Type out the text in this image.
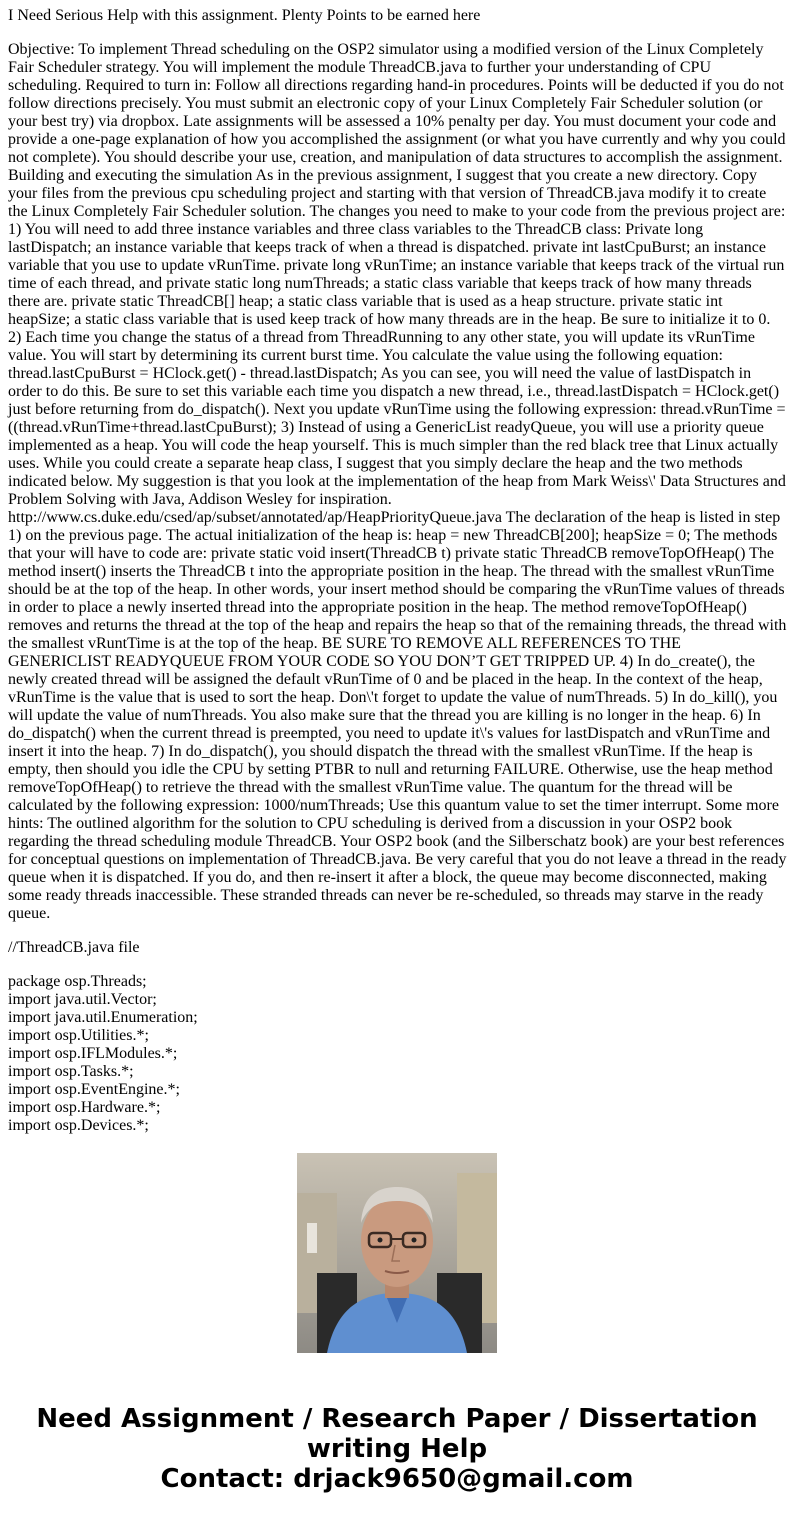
I Need Serious Help with this assignment. Plenty Points to be earned here

Objective: To implement Thread scheduling on the OSP2 simulator using a modified version of the Linux Completely Fair Scheduler strategy. You will implement the module ThreadCB.java to further your understanding of CPU scheduling. Required to turn in: Follow all directions regarding hand-in procedures. Points will be deducted if you do not follow directions precisely. You must submit an electronic copy of your Linux Completely Fair Scheduler solution (or your best try) via dropbox. Late assignments will be assessed a 10% penalty per day. You must document your code and provide a one-page explanation of how you accomplished the assignment (or what you have currently and why you could not complete). You should describe your use, creation, and manipulation of data structures to accomplish the assignment. Building and executing the simulation As in the previous assignment, I suggest that you create a new directory. Copy your files from the previous cpu scheduling project and starting with that version of ThreadCB.java modify it to create the Linux Completely Fair Scheduler solution. The changes you need to make to your code from the previous project are: 1) You will need to add three instance variables and three class variables to the ThreadCB class: Private long lastDispatch; an instance variable that keeps track of when a thread is dispatched. private int lastCpuBurst; an instance variable that you use to update vRunTime. private long vRunTime; an instance variable that keeps track of the virtual run time of each thread, and private static long numThreads; a static class variable that keeps track of how many threads there are. private static ThreadCB[] heap; a static class variable that is used as a heap structure. private static int heapSize; a static class variable that is used keep track of how many threads are in the heap. Be sure to initialize it to 0. 2) Each time you change the status of a thread from ThreadRunning to any other state, you will update its vRunTime value. You will start by determining its current burst time. You calculate the value using the following equation: thread.lastCpuBurst = HClock.get() - thread.lastDispatch; As you can see, you will need the value of lastDispatch in order to do this. Be sure to set this variable each time you dispatch a new thread, i.e., thread.lastDispatch = HClock.get() just before returning from do_dispatch(). Next you update vRunTime using the following expression: thread.vRunTime = ((thread.vRunTime+thread.lastCpuBurst); 3) Instead of using a GenericList readyQueue, you will use a priority queue implemented as a heap. You will code the heap yourself. This is much simpler than the red black tree that Linux actually uses. While you could create a separate heap class, I suggest that you simply declare the heap and the two methods indicated below. My suggestion is that you look at the implementation of the heap from Mark Weiss\' Data Structures and Problem Solving with Java, Addison Wesley for inspiration. http://www.cs.duke.edu/csed/ap/subset/annotated/ap/HeapPriorityQueue.java The declaration of the heap is listed in step 1) on the previous page. The actual initialization of the heap is: heap = new ThreadCB[200]; heapSize = 0; The methods that your will have to code are: private static void insert(ThreadCB t) private static ThreadCB removeTopOfHeap() The method insert() inserts the ThreadCB t into the appropriate position in the heap. The thread with the smallest vRunTime should be at the top of the heap. In other words, your insert method should be comparing the vRunTime values of threads in order to place a newly inserted thread into the appropriate position in the heap. The method removeTopOfHeap() removes and returns the thread at the top of the heap and repairs the heap so that of the remaining threads, the thread with the smallest vRuntTime is at the top of the heap. BE SURE TO REMOVE ALL REFERENCES TO THE GENERICLIST READYQUEUE FROM YOUR CODE SO YOU DON’T GET TRIPPED UP. 4) In do_create(), the newly created thread will be assigned the default vRunTime of 0 and be placed in the heap. In the context of the heap, vRunTime is the value that is used to sort the heap. Don\'t forget to update the value of numThreads. 5) In do_kill(), you will update the value of numThreads. You also make sure that the thread you are killing is no longer in the heap. 6) In do_dispatch() when the current thread is preempted, you need to update it\'s values for lastDispatch and vRunTime and insert it into the heap. 7) In do_dispatch(), you should dispatch the thread with the smallest vRunTime. If the heap is empty, then should you idle the CPU by setting PTBR to null and returning FAILURE. Otherwise, use the heap method removeTopOfHeap() to retrieve the thread with the smallest vRunTime value. The quantum for the thread will be calculated by the following expression: 1000/numThreads; Use this quantum value to set the timer interrupt. Some more hints: The outlined algorithm for the solution to CPU scheduling is derived from a discussion in your OSP2 book regarding the thread scheduling module ThreadCB. Your OSP2 book (and the Silberschatz book) are your best references for conceptual questions on implementation of ThreadCB.java. Be very careful that you do not leave a thread in the ready queue when it is dispatched. If you do, and then re-insert it after a block, the queue may become disconnected, making some ready threads inaccessible. These stranded threads can never be re-scheduled, so threads may starve in the ready queue.

//ThreadCB.java file

package osp.Threads;
import java.util.Vector;
import java.util.Enumeration;
import osp.Utilities.*;
import osp.IFLModules.*;
import osp.Tasks.*;
import osp.EventEngine.*;
import osp.Hardware.*;
import osp.Devices.*;
Need Assignment / Research Paper / Dissertation
writing Help
Contact: drjack9650@gmail.com
